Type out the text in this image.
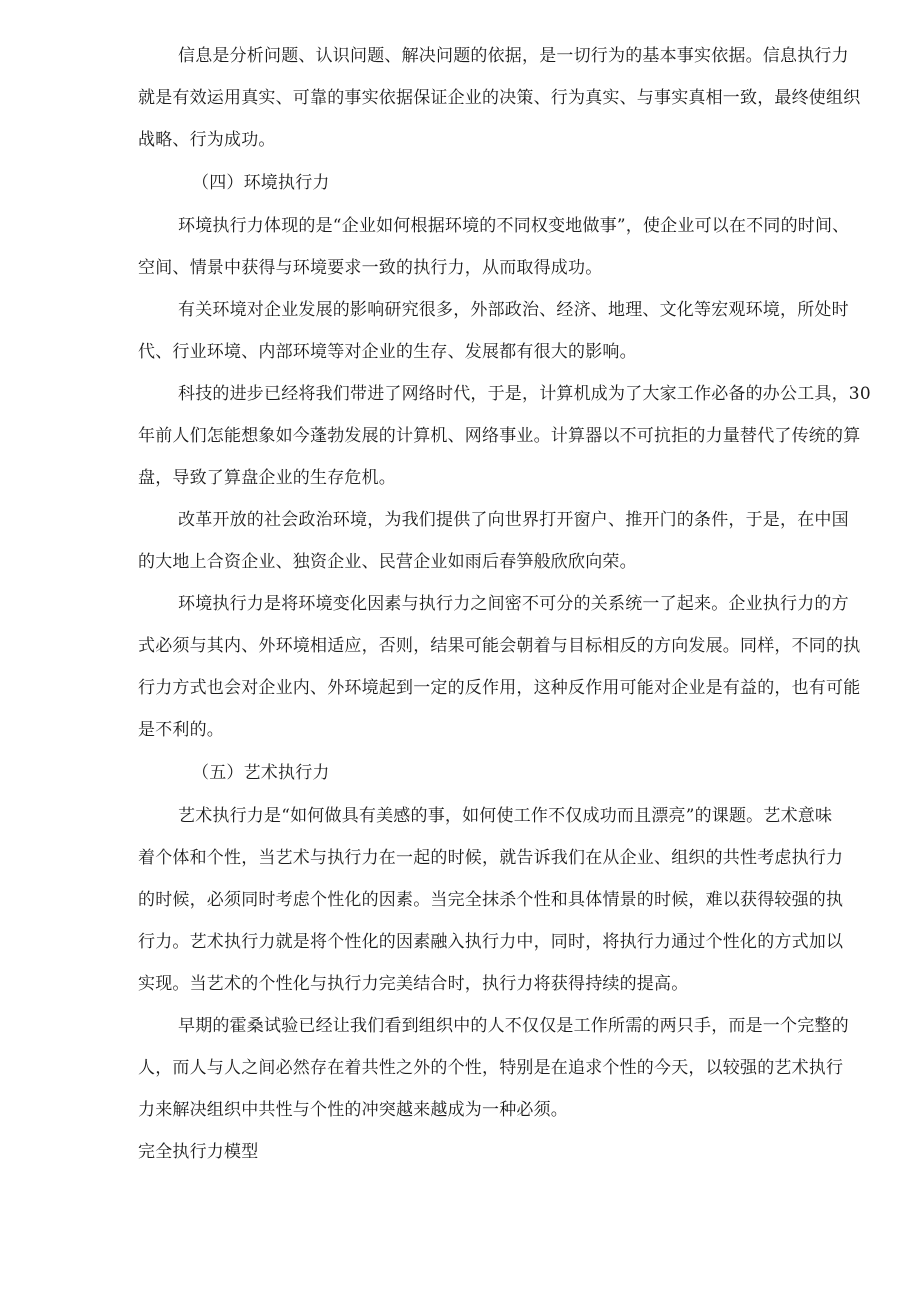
信息是分析问题、认识问题、解决问题的依据，是一切行为的基本事实依据。信息执行力
就是有效运用真实、可靠的事实依据保证企业的决策、行为真实、与事实真相一致，最终使组织
战略、行为成功。
（四）环境执行力
环境执行力体现的是“企业如何根据环境的不同权变地做事”，使企业可以在不同的时间、
空间、情景中获得与环境要求一致的执行力，从而取得成功。
有关环境对企业发展的影响研究很多，外部政治、经济、地理、文化等宏观环境，所处时
代、行业环境、内部环境等对企业的生存、发展都有很大的影响。
科技的进步已经将我们带进了网络时代，于是，计算机成为了大家工作必备的办公工具，30
年前人们怎能想象如今蓬勃发展的计算机、网络事业。计算器以不可抗拒的力量替代了传统的算
盘，导致了算盘企业的生存危机。
改革开放的社会政治环境，为我们提供了向世界打开窗户、推开门的条件，于是，在中国
的大地上合资企业、独资企业、民营企业如雨后春笋般欣欣向荣。
环境执行力是将环境变化因素与执行力之间密不可分的关系统一了起来。企业执行力的方
式必须与其内、外环境相适应，否则，结果可能会朝着与目标相反的方向发展。同样，不同的执
行力方式也会对企业内、外环境起到一定的反作用，这种反作用可能对企业是有益的，也有可能
是不利的。
（五）艺术执行力
艺术执行力是“如何做具有美感的事，如何使工作不仅成功而且漂亮”的课题。艺术意味
着个体和个性，当艺术与执行力在一起的时候，就告诉我们在从企业、组织的共性考虑执行力
的时候，必须同时考虑个性化的因素。当完全抹杀个性和具体情景的时候，难以获得较强的执
行力。艺术执行力就是将个性化的因素融入执行力中，同时，将执行力通过个性化的方式加以
实现。当艺术的个性化与执行力完美结合时，执行力将获得持续的提高。
早期的霍桑试验已经让我们看到组织中的人不仅仅是工作所需的两只手，而是一个完整的
人，而人与人之间必然存在着共性之外的个性，特别是在追求个性的今天，以较强的艺术执行
力来解决组织中共性与个性的冲突越来越成为一种必须。
完全执行力模型
